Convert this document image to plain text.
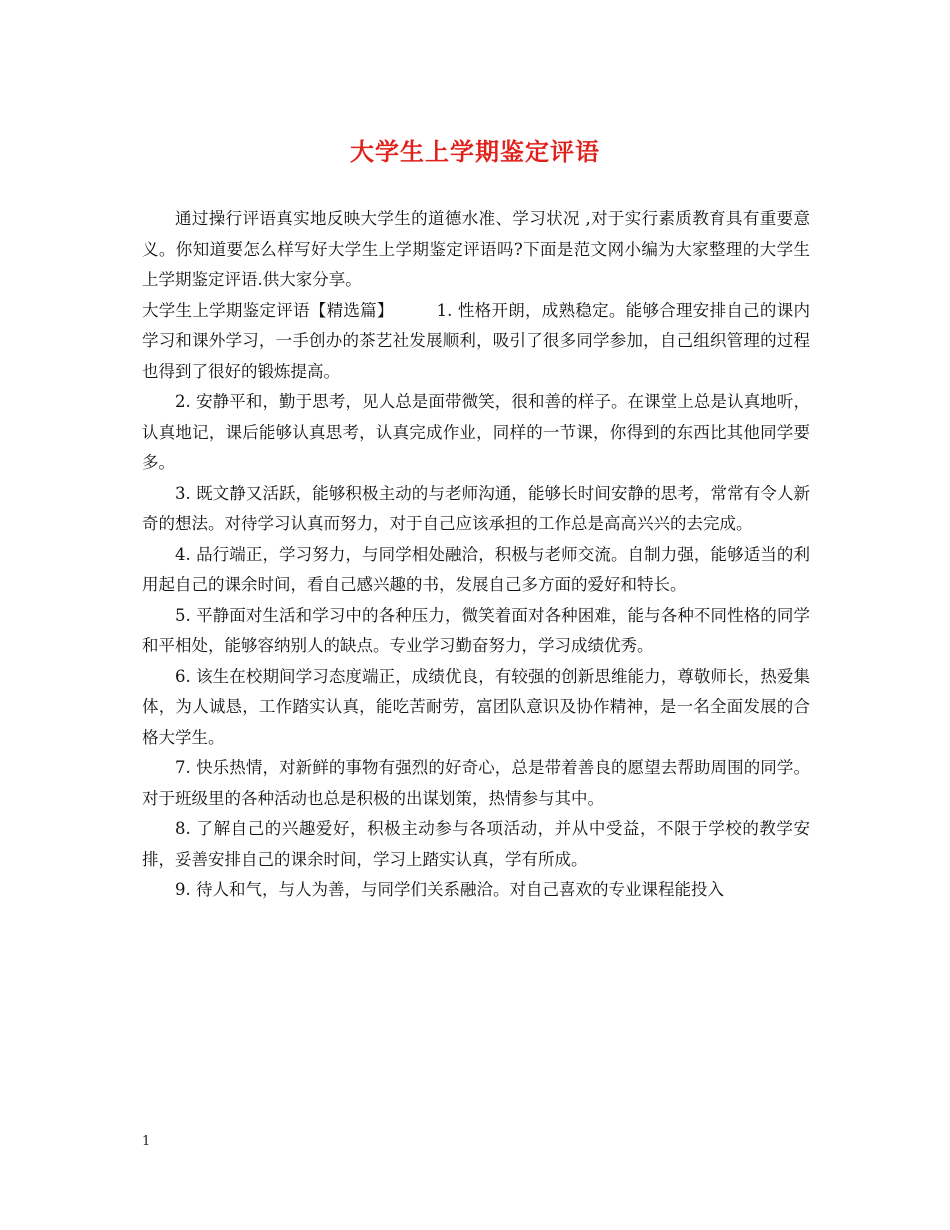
大学生上学期鉴定评语

通过操行评语真实地反映大学生的道德水准、学习状况 ,对于实行素质教育具有重要意义。你知道要怎么样写好大学生上学期鉴定评语吗?下面是范文网小编为大家整理的大学生上学期鉴定评语.供大家分享。

大学生上学期鉴定评语【精选篇】	1. 性格开朗，成熟稳定。能够合理安排自己的课内学习和课外学习，一手创办的茶艺社发展顺利，吸引了很多同学参加，自己组织管理的过程也得到了很好的锻炼提高。

2. 安静平和，勤于思考，见人总是面带微笑，很和善的样子。在课堂上总是认真地听，认真地记，课后能够认真思考，认真完成作业，同样的一节课，你得到的东西比其他同学要多。

3. 既文静又活跃，能够积极主动的与老师沟通，能够长时间安静的思考，常常有令人新奇的想法。对待学习认真而努力，对于自己应该承担的工作总是高高兴兴的去完成。

4. 品行端正，学习努力，与同学相处融洽，积极与老师交流。自制力强，能够适当的利用起自己的课余时间，看自己感兴趣的书，发展自己多方面的爱好和特长。

5. 平静面对生活和学习中的各种压力，微笑着面对各种困难，能与各种不同性格的同学和平相处，能够容纳别人的缺点。专业学习勤奋努力，学习成绩优秀。

6. 该生在校期间学习态度端正，成绩优良，有较强的创新思维能力，尊敬师长，热爱集体，为人诚恳，工作踏实认真，能吃苦耐劳，富团队意识及协作精神，是一名全面发展的合格大学生。

7. 快乐热情，对新鲜的事物有强烈的好奇心，总是带着善良的愿望去帮助周围的同学。对于班级里的各种活动也总是积极的出谋划策，热情参与其中。

8. 了解自己的兴趣爱好，积极主动参与各项活动，并从中受益，不限于学校的教学安排，妥善安排自己的课余时间，学习上踏实认真，学有所成。

9. 待人和气，与人为善，与同学们关系融洽。对自己喜欢的专业课程能投入

1
